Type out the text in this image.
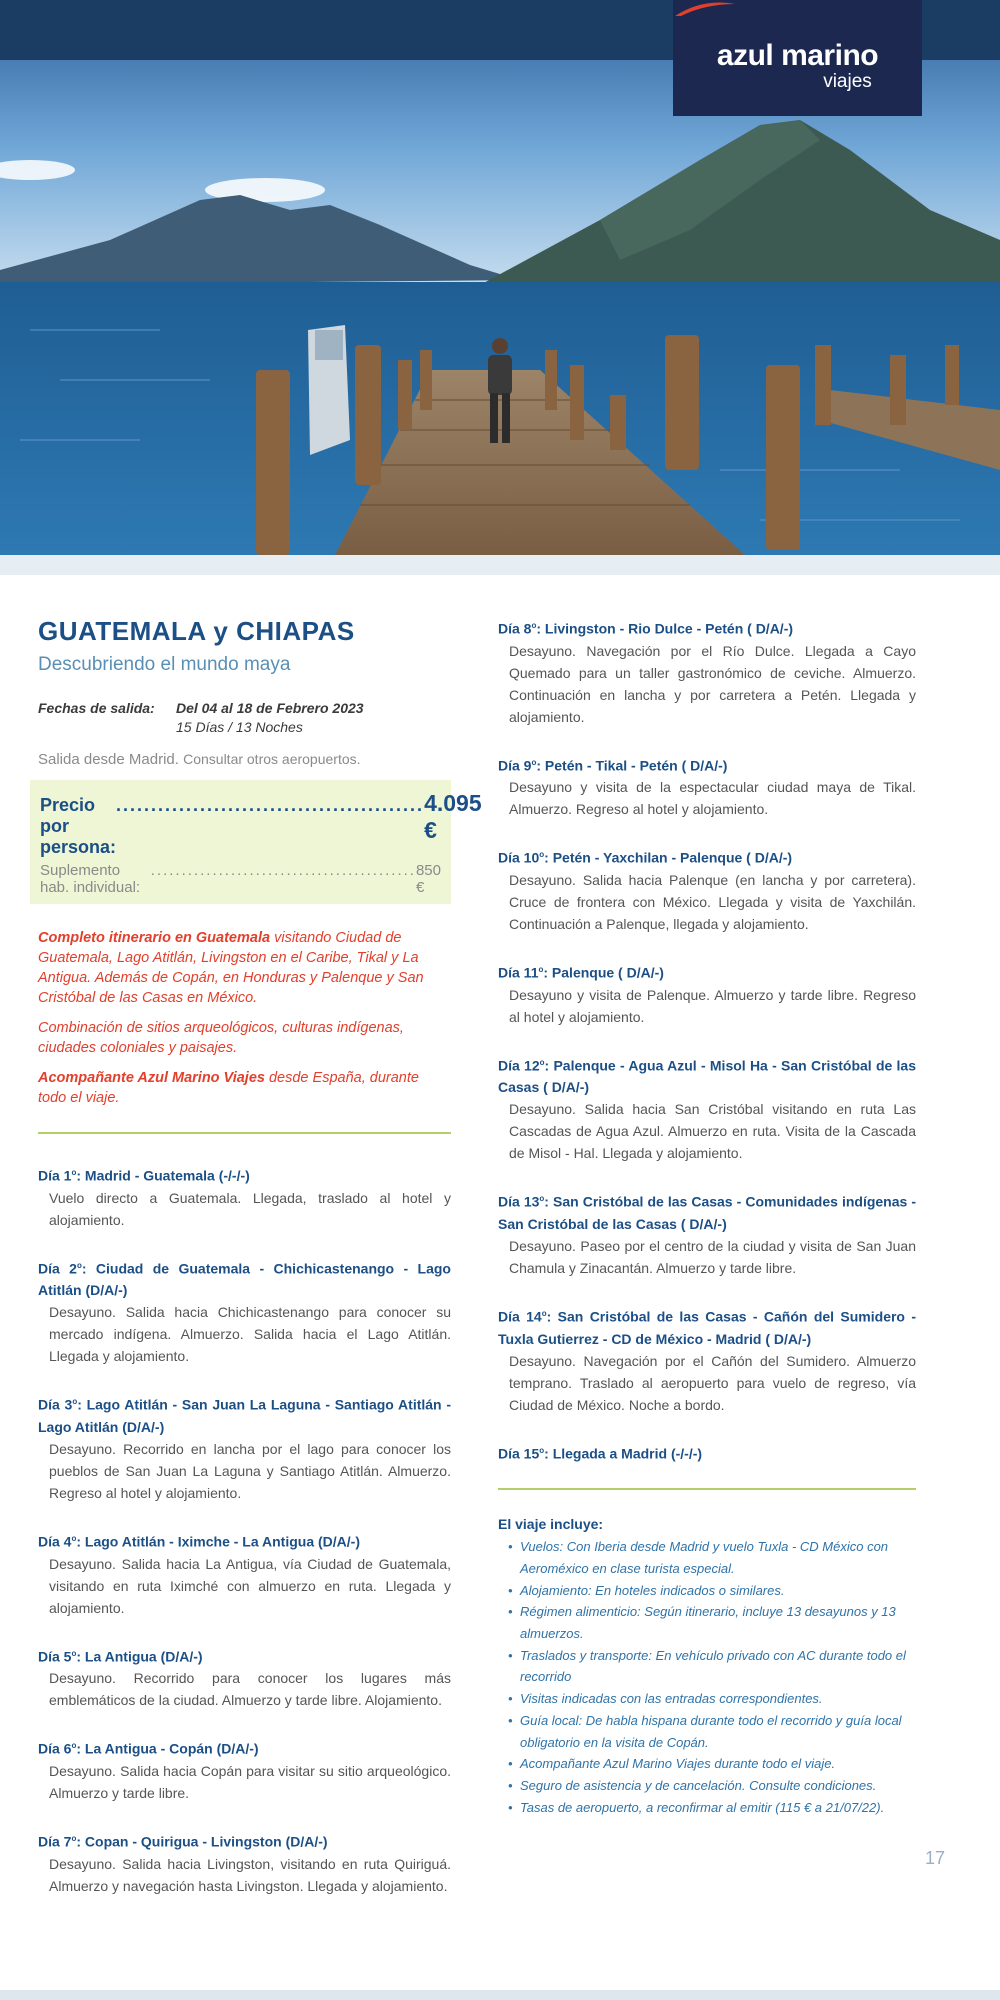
azul marino
viajes
GUATEMALA y CHIAPAS
Descubriendo el mundo maya
Fechas de salida:	Del 04 al 18 de Febrero 2023
15 Días / 13 Noches
Salida desde Madrid. Consultar otros aeropuertos.
Precio por persona:
............................................ 4.095 €
Suplemento hab. individual:
........................................... 850 €

Completo itinerario en Guatemala visitando Ciudad de Guatemala, Lago Atitlán, Livingston en el Caribe, Tikal y La Antigua. Además de Copán, en Honduras y Palenque y San Cristóbal de las Casas en México.

Combinación de sitios arqueológicos, culturas indígenas, ciudades coloniales y paisajes.

Acompañante Azul Marino Viajes desde España, durante todo el viaje.

Día 1$^o$: Madrid - Guatemala (-/-/-)
Vuelo directo a Guatemala. Llegada, traslado al hotel y alojamiento.
Día 2$^o$: Ciudad de Guatemala - Chichicastenango - Lago Atitlán (D/A/-)
Desayuno. Salida hacia Chichicastenango para conocer su mercado indígena. Almuerzo. Salida hacia el Lago Atitlán. Llegada y alojamiento.
Día 3$^o$: Lago Atitlán - San Juan La Laguna - Santiago Atitlán - Lago Atitlán (D/A/-)
Desayuno. Recorrido en lancha por el lago para conocer los pueblos de San Juan La Laguna y Santiago Atitlán. Almuerzo. Regreso al hotel y alojamiento.
Día 4$^o$: Lago Atitlán - Iximche - La Antigua (D/A/-)
Desayuno. Salida hacia La Antigua, vía Ciudad de Guatemala, visitando en ruta Iximché con almuerzo en ruta. Llegada y alojamiento.
Día 5$^o$: La Antigua (D/A/-)
Desayuno. Recorrido para conocer los lugares más emblemáticos de la ciudad. Almuerzo y tarde libre. Alojamiento.
Día 6$^o$: La Antigua - Copán (D/A/-)
Desayuno. Salida hacia Copán para visitar su sitio arqueológico. Almuerzo y tarde libre.
Día 7$^o$: Copan - Quirigua - Livingston (D/A/-)
Desayuno. Salida hacia Livingston, visitando en ruta Quiriguá. Almuerzo y navegación hasta Livingston. Llegada y alojamiento.
Día 8$^o$: Livingston - Rio Dulce - Petén ( D/A/-)
Desayuno. Navegación por el Río Dulce. Llegada a Cayo Quemado para un taller gastronómico de ceviche. Almuerzo. Continuación en lancha y por carretera a Petén. Llegada y alojamiento.
Día 9$^o$: Petén - Tikal - Petén ( D/A/-)
Desayuno y visita de la espectacular ciudad maya de Tikal. Almuerzo. Regreso al hotel y alojamiento.
Día 10$^o$: Petén - Yaxchilan - Palenque ( D/A/-)
Desayuno. Salida hacia Palenque (en lancha y por carretera). Cruce de frontera con México. Llegada y visita de Yaxchilán. Continuación a Palenque, llegada y alojamiento.
Día 11$^o$: Palenque ( D/A/-)
Desayuno y visita de Palenque. Almuerzo y tarde libre. Regreso al hotel y alojamiento.
Día 12$^o$: Palenque - Agua Azul - Misol Ha - San Cristóbal de las Casas ( D/A/-)
Desayuno. Salida hacia San Cristóbal visitando en ruta Las Cascadas de Agua Azul. Almuerzo en ruta. Visita de la Cascada de Misol - Hal. Llegada y alojamiento.
Día 13$^o$: San Cristóbal de las Casas - Comunidades indígenas - San Cristóbal de las Casas ( D/A/-)
Desayuno. Paseo por el centro de la ciudad y visita de San Juan Chamula y Zinacantán. Almuerzo y tarde libre.
Día 14$^o$: San Cristóbal de las Casas - Cañón del Sumidero - Tuxla Gutierrez - CD de México - Madrid ( D/A/-)
Desayuno. Navegación por el Cañón del Sumidero. Almuerzo temprano. Traslado al aeropuerto para vuelo de regreso, vía Ciudad de México. Noche a bordo.
Día 15$^o$: Llegada a Madrid (-/-/-)
El viaje incluye:
• Vuelos: Con Iberia desde Madrid y vuelo Tuxla - CD México con Aeroméxico en clase turista especial.
• Alojamiento: En hoteles indicados o similares.
• Régimen alimenticio: Según itinerario, incluye 13 desayunos y 13 almuerzos.
• Traslados y transporte: En vehículo privado con AC durante todo el recorrido
• Visitas indicadas con las entradas correspondientes.
• Guía local: De habla hispana durante todo el recorrido y guía local obligatorio en la visita de Copán.
• Acompañante Azul Marino Viajes durante todo el viaje.
• Seguro de asistencia y de cancelación. Consulte condiciones.
• Tasas de aeropuerto, a reconfirmar al emitir (115 € a 21/07/22).
17
